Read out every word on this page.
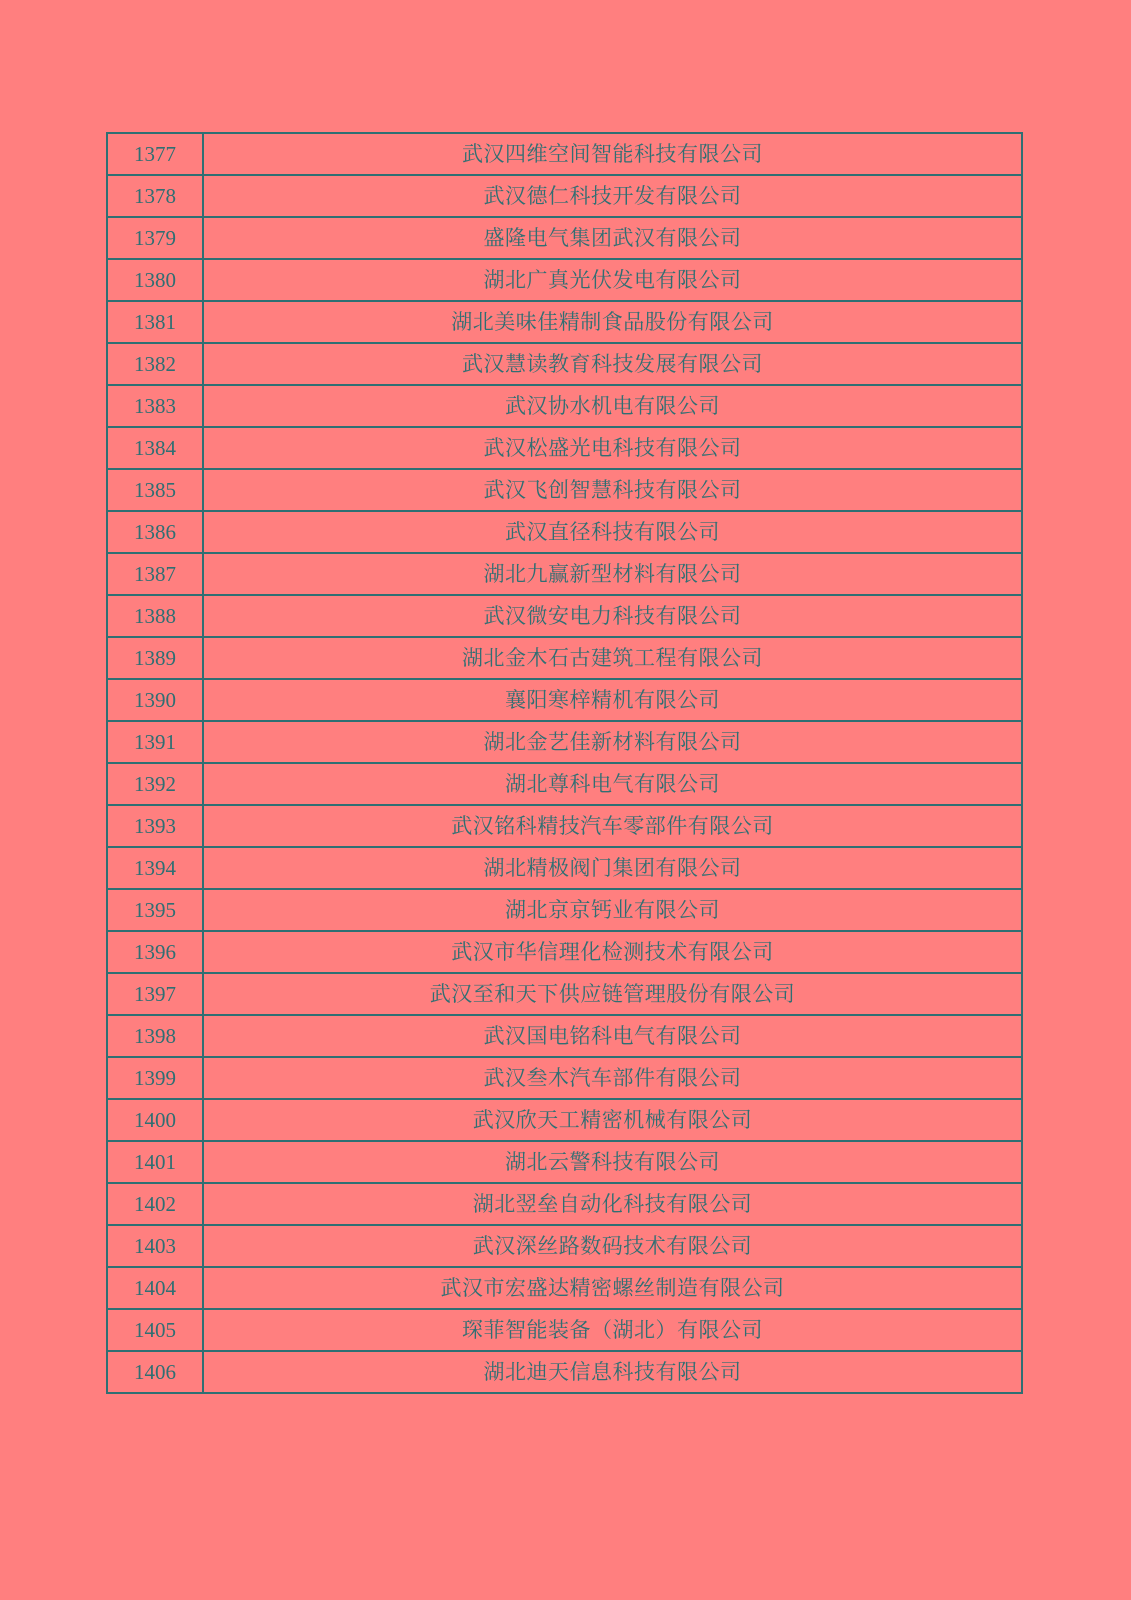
1377	武汉四维空间智能科技有限公司
1378	武汉德仁科技开发有限公司
1379	盛隆电气集团武汉有限公司
1380	湖北广真光伏发电有限公司
1381	湖北美味佳精制食品股份有限公司
1382	武汉慧读教育科技发展有限公司
1383	武汉协水机电有限公司
1384	武汉松盛光电科技有限公司
1385	武汉飞创智慧科技有限公司
1386	武汉直径科技有限公司
1387	湖北九赢新型材料有限公司
1388	武汉微安电力科技有限公司
1389	湖北金木石古建筑工程有限公司
1390	襄阳寒梓精机有限公司
1391	湖北金艺佳新材料有限公司
1392	湖北尊科电气有限公司
1393	武汉铭科精技汽车零部件有限公司
1394	湖北精极阀门集团有限公司
1395	湖北京京钙业有限公司
1396	武汉市华信理化检测技术有限公司
1397	武汉至和天下供应链管理股份有限公司
1398	武汉国电铭科电气有限公司
1399	武汉叁木汽车部件有限公司
1400	武汉欣天工精密机械有限公司
1401	湖北云警科技有限公司
1402	湖北翌垒自动化科技有限公司
1403	武汉深丝路数码技术有限公司
1404	武汉市宏盛达精密螺丝制造有限公司
1405	琛菲智能装备（湖北）有限公司
1406	湖北迪天信息科技有限公司
